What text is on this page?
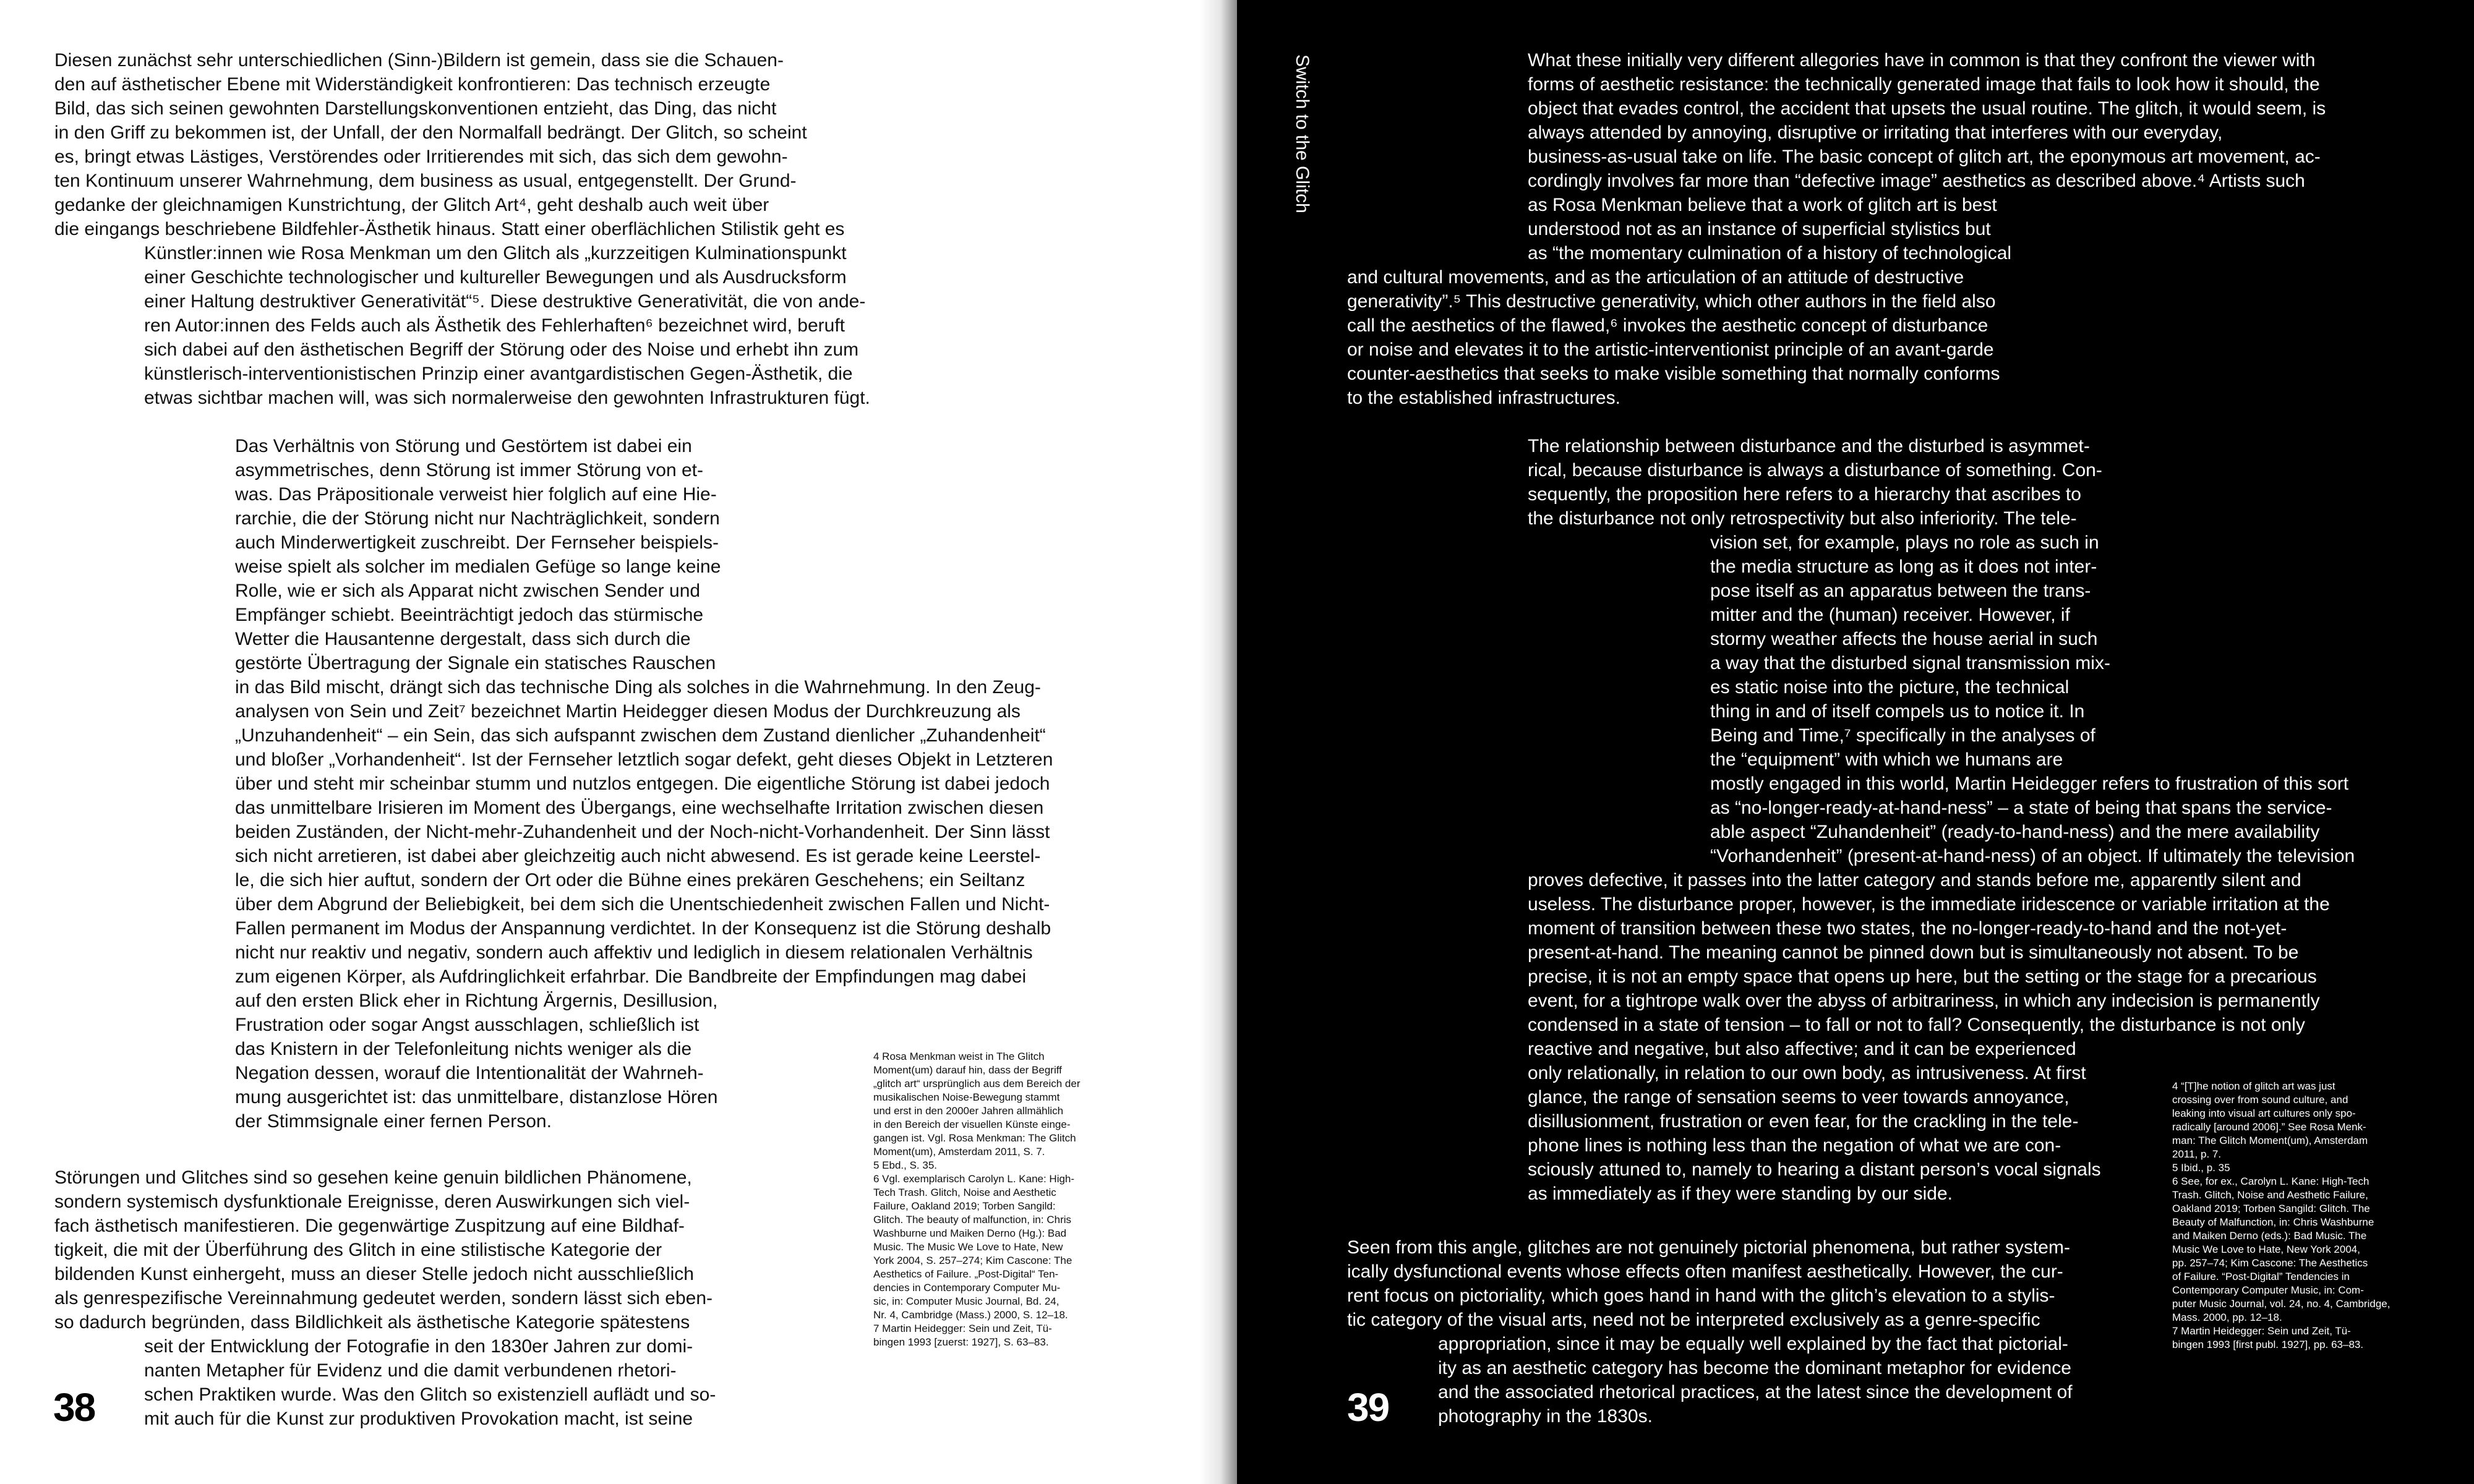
Diesen zunächst sehr unterschiedlichen (Sinn-)Bildern ist gemein, dass sie die Schauen-
den auf ästhetischer Ebene mit Widerständigkeit konfrontieren: Das technisch erzeugte
Bild, das sich seinen gewohnten Darstellungskonventionen entzieht, das Ding, das nicht
in den Griff zu bekommen ist, der Unfall, der den Normalfall bedrängt. Der Glitch, so scheint
es, bringt etwas Lästiges, Verstörendes oder Irritierendes mit sich, das sich dem gewohn-
ten Kontinuum unserer Wahrnehmung, dem business as usual, entgegenstellt. Der Grund-
gedanke der gleichnamigen Kunstrichtung, der Glitch Art⁴, geht deshalb auch weit über
die eingangs beschriebene Bildfehler-Ästhetik hinaus. Statt einer oberflächlichen Stilistik geht es
Künstler:innen wie Rosa Menkman um den Glitch als „kurzzeitigen Kulminationspunkt
einer Geschichte technologischer und kultureller Bewegungen und als Ausdrucksform
einer Haltung destruktiver Generativität“⁵. Diese destruktive Generativität, die von ande-
ren Autor:innen des Felds auch als Ästhetik des Fehlerhaften⁶ bezeichnet wird, beruft
sich dabei auf den ästhetischen Begriff der Störung oder des Noise und erhebt ihn zum
künstlerisch-interventionistischen Prinzip einer avantgardistischen Gegen-Ästhetik, die
etwas sichtbar machen will, was sich normalerweise den gewohnten Infrastrukturen fügt.
Das Verhältnis von Störung und Gestörtem ist dabei ein
asymmetrisches, denn Störung ist immer Störung von et-
was. Das Präpositionale verweist hier folglich auf eine Hie-
rarchie, die der Störung nicht nur Nachträglichkeit, sondern
auch Minderwertigkeit zuschreibt. Der Fernseher beispiels-
weise spielt als solcher im medialen Gefüge so lange keine
Rolle, wie er sich als Apparat nicht zwischen Sender und
Empfänger schiebt. Beeinträchtigt jedoch das stürmische
Wetter die Hausantenne dergestalt, dass sich durch die
gestörte Übertragung der Signale ein statisches Rauschen
in das Bild mischt, drängt sich das technische Ding als solches in die Wahrnehmung. In den Zeug-
analysen von Sein und Zeit⁷ bezeichnet Martin Heidegger diesen Modus der Durchkreuzung als
„Unzuhandenheit“ – ein Sein, das sich aufspannt zwischen dem Zustand dienlicher „Zuhandenheit“
und bloßer „Vorhandenheit“. Ist der Fernseher letztlich sogar defekt, geht dieses Objekt in Letzteren
über und steht mir scheinbar stumm und nutzlos entgegen. Die eigentliche Störung ist dabei jedoch
das unmittelbare Irisieren im Moment des Übergangs, eine wechselhafte Irritation zwischen diesen
beiden Zuständen, der Nicht-mehr-Zuhandenheit und der Noch-nicht-Vorhandenheit. Der Sinn lässt
sich nicht arretieren, ist dabei aber gleichzeitig auch nicht abwesend. Es ist gerade keine Leerstel-
le, die sich hier auftut, sondern der Ort oder die Bühne eines prekären Geschehens; ein Seiltanz
über dem Abgrund der Beliebigkeit, bei dem sich die Unentschiedenheit zwischen Fallen und Nicht-
Fallen permanent im Modus der Anspannung verdichtet. In der Konsequenz ist die Störung deshalb
nicht nur reaktiv und negativ, sondern auch affektiv und lediglich in diesem relationalen Verhältnis
zum eigenen Körper, als Aufdringlichkeit erfahrbar. Die Bandbreite der Empfindungen mag dabei
auf den ersten Blick eher in Richtung Ärgernis, Desillusion,
Frustration oder sogar Angst ausschlagen, schließlich ist
das Knistern in der Telefonleitung nichts weniger als die
Negation dessen, worauf die Intentionalität der Wahrneh-
mung ausgerichtet ist: das unmittelbare, distanzlose Hören
der Stimmsignale einer fernen Person.
Störungen und Glitches sind so gesehen keine genuin bildlichen Phänomene,
sondern systemisch dysfunktionale Ereignisse, deren Auswirkungen sich viel-
fach ästhetisch manifestieren. Die gegenwärtige Zuspitzung auf eine Bildhaf-
tigkeit, die mit der Überführung des Glitch in eine stilistische Kategorie der
bildenden Kunst einhergeht, muss an dieser Stelle jedoch nicht ausschließlich
als genrespezifische Vereinnahmung gedeutet werden, sondern lässt sich eben-
so dadurch begründen, dass Bildlichkeit als ästhetische Kategorie spätestens
seit der Entwicklung der Fotografie in den 1830er Jahren zur domi-
nanten Metapher für Evidenz und die damit verbundenen rhetori-
schen Praktiken wurde. Was den Glitch so existenziell auflädt und so-
mit auch für die Kunst zur produktiven Provokation macht, ist seine
4 Rosa Menkman weist in The Glitch
Moment(um) darauf hin, dass der Begriff
„glitch art“ ursprünglich aus dem Bereich der
musikalischen Noise-Bewegung stammt
und erst in den 2000er Jahren allmählich
in den Bereich der visuellen Künste einge-
gangen ist. Vgl. Rosa Menkman: The Glitch
Moment(um), Amsterdam 2011, S. 7.
5 Ebd., S. 35.
6 Vgl. exemplarisch Carolyn L. Kane: High-
Tech Trash. Glitch, Noise and Aesthetic
Failure, Oakland 2019; Torben Sangild:
Glitch. The beauty of malfunction, in: Chris
Washburne und Maiken Derno (Hg.): Bad
Music. The Music We Love to Hate, New
York 2004, S. 257–274; Kim Cascone: The
Aesthetics of Failure. „Post-Digital“ Ten-
dencies in Contemporary Computer Mu-
sic, in: Computer Music Journal, Bd. 24,
Nr. 4, Cambridge (Mass.) 2000, S. 12–18.
7 Martin Heidegger: Sein und Zeit, Tü-
bingen 1993 [zuerst: 1927], S. 63–83.
38
Switch to the Glitch	What these initially very different allegories have in common is that they confront the viewer with
forms of aesthetic resistance: the technically generated image that fails to look how it should, the
object that evades control, the accident that upsets the usual routine. The glitch, it would seem, is
always attended by annoying, disruptive or irritating that interferes with our everyday,
business-as-usual take on life. The basic concept of glitch art, the eponymous art movement, ac-
cordingly involves far more than “defective image” aesthetics as described above.⁴ Artists such
as Rosa Menkman believe that a work of glitch art is best
understood not as an instance of superficial stylistics but
as “the momentary culmination of a history of technological
and cultural movements, and as the articulation of an attitude of destructive
generativity”.⁵ This destructive generativity, which other authors in the field also
call the aesthetics of the flawed,⁶ invokes the aesthetic concept of disturbance
or noise and elevates it to the artistic-interventionist principle of an avant-garde
counter-aesthetics that seeks to make visible something that normally conforms
to the established infrastructures.
The relationship between disturbance and the disturbed is asymmet-
rical, because disturbance is always a disturbance of something. Con-
sequently, the proposition here refers to a hierarchy that ascribes to
the disturbance not only retrospectivity but also inferiority. The tele-
vision set, for example, plays no role as such in
the media structure as long as it does not inter-
pose itself as an apparatus between the trans-
mitter and the (human) receiver. However, if
stormy weather affects the house aerial in such
a way that the disturbed signal transmission mix-
es static noise into the picture, the technical
thing in and of itself compels us to notice it. In
Being and Time,⁷ specifically in the analyses of
the “equipment” with which we humans are
mostly engaged in this world, Martin Heidegger refers to frustration of this sort
as “no-longer-ready-at-hand-ness” – a state of being that spans the service-
able aspect “Zuhandenheit” (ready-to-hand-ness) and the mere availability
“Vorhandenheit” (present-at-hand-ness) of an object. If ultimately the television
proves defective, it passes into the latter category and stands before me, apparently silent and
useless. The disturbance proper, however, is the immediate iridescence or variable irritation at the
moment of transition between these two states, the no-longer-ready-to-hand and the not-yet-
present-at-hand. The meaning cannot be pinned down but is simultaneously not absent. To be
precise, it is not an empty space that opens up here, but the setting or the stage for a precarious
event, for a tightrope walk over the abyss of arbitrariness, in which any indecision is permanently
condensed in a state of tension – to fall or not to fall? Consequently, the disturbance is not only
reactive and negative, but also affective; and it can be experienced
only relationally, in relation to our own body, as intrusiveness. At first
glance, the range of sensation seems to veer towards annoyance,
disillusionment, frustration or even fear, for the crackling in the tele-
phone lines is nothing less than the negation of what we are con-
sciously attuned to, namely to hearing a distant person’s vocal signals
as immediately as if they were standing by our side.
Seen from this angle, glitches are not genuinely pictorial phenomena, but rather system-
ically dysfunctional events whose effects often manifest aesthetically. However, the cur-
rent focus on pictoriality, which goes hand in hand with the glitch’s elevation to a stylis-
tic category of the visual arts, need not be interpreted exclusively as a genre-specific
appropriation, since it may be equally well explained by the fact that pictorial-
ity as an aesthetic category has become the dominant metaphor for evidence
and the associated rhetorical practices, at the latest since the development of
photography in the 1830s.
4 “[T]he notion of glitch art was just
crossing over from sound culture, and
leaking into visual art cultures only spo-
radically [around 2006].” See Rosa Menk-
man: The Glitch Moment(um), Amsterdam
2011, p. 7.
5 Ibid., p. 35
6 See, for ex., Carolyn L. Kane: High-Tech
Trash. Glitch, Noise and Aesthetic Failure,
Oakland 2019; Torben Sangild: Glitch. The
Beauty of Malfunction, in: Chris Washburne
and Maiken Derno (eds.): Bad Music. The
Music We Love to Hate, New York 2004,
pp. 257–74; Kim Cascone: The Aesthetics
of Failure. “Post-Digital” Tendencies in
Contemporary Computer Music, in: Com-
puter Music Journal, vol. 24, no. 4, Cambridge,
Mass. 2000, pp. 12–18.
7 Martin Heidegger: Sein und Zeit, Tü-
bingen 1993 [first publ. 1927], pp. 63–83.
39
